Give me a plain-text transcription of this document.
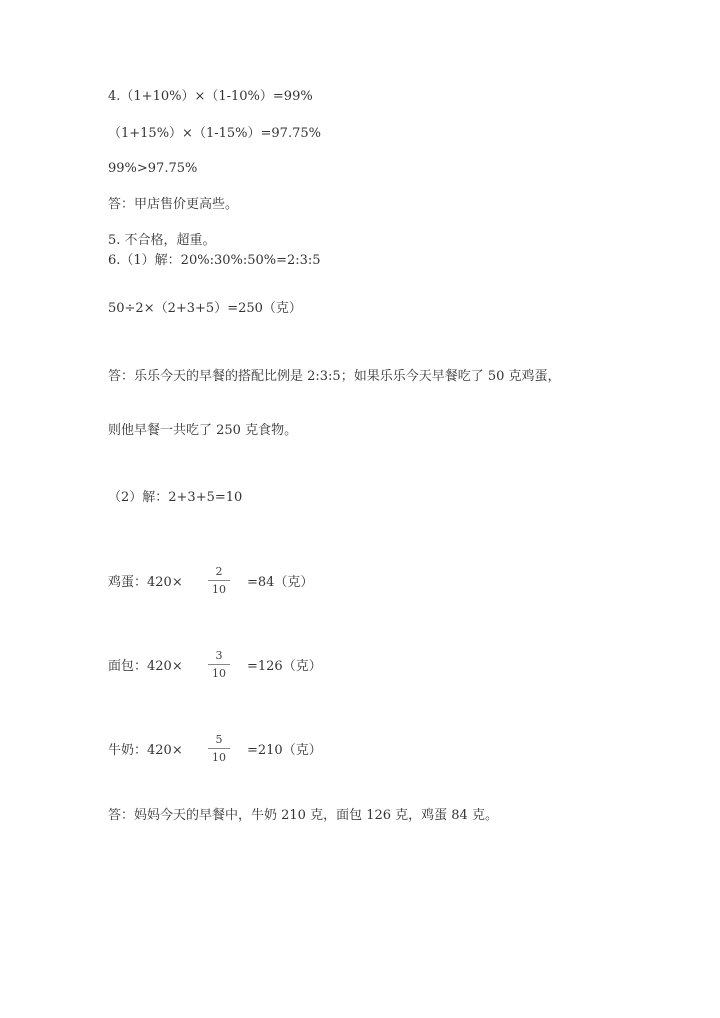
4.（1+10%）×（1-10%）=99%
（1+15%）×（1-15%）=97.75%
99%>97.75%
答：甲店售价更高些。
5. 不合格，超重。
6.（1）解：20%:30%:50%=2:3:5
50÷2×（2+3+5）=250（克）
答：乐乐今天的早餐的搭配比例是 2:3:5；如果乐乐今天早餐吃了 50 克鸡蛋，
则他早餐一共吃了 250 克食物。
（2）解：2+3+5=10
鸡蛋：420×
2
10	=84（克）
面包：420×
3
10	=126（克）
牛奶：420×
5
10	=210（克）
答：妈妈今天的早餐中，牛奶 210 克，面包 126 克，鸡蛋 84 克。
